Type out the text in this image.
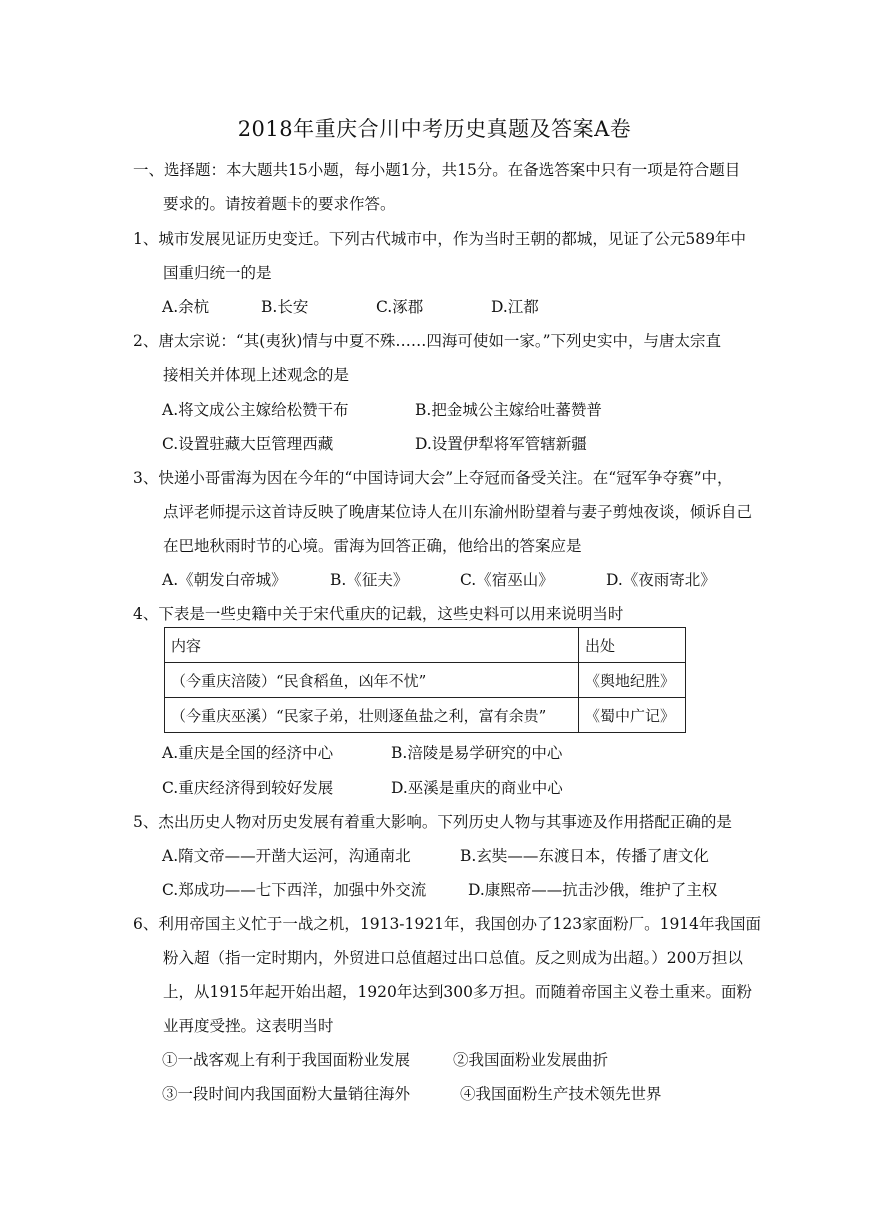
2018年重庆合川中考历史真题及答案A卷
一、选择题：本大题共15小题，每小题1分，共15分。在备选答案中只有一项是符合题目
要求的。请按着题卡的要求作答。
1、城市发展见证历史变迁。下列古代城市中，作为当时王朝的都城，见证了公元589年中
国重归统一的是
A.余杭	B.长安	C.涿郡	D.江都
2、唐太宗说：“其(夷狄)情与中夏不殊……四海可使如一家。”下列史实中，与唐太宗直
接相关并体现上述观念的是
A.将文成公主嫁给松赞干布	B.把金城公主嫁给吐蕃赞普
C.设置驻藏大臣管理西藏	D.设置伊犁将军管辖新疆
3、快递小哥雷海为因在今年的“中国诗词大会”上夺冠而备受关注。在“冠军争夺赛”中，
点评老师提示这首诗反映了晚唐某位诗人在川东渝州盼望着与妻子剪烛夜谈，倾诉自己
在巴地秋雨时节的心境。雷海为回答正确，他给出的答案应是
A.《朝发白帝城》	B.《征夫》	C.《宿巫山》	D.《夜雨寄北》
4、下表是一些史籍中关于宋代重庆的记载，这些史料可以用来说明当时
内容	出处
（今重庆涪陵）“民食稻鱼，凶年不忧”	《舆地纪胜》
（今重庆巫溪）“民家子弟，壮则逐鱼盐之利，富有余贵”	《蜀中广记》
A.重庆是全国的经济中心	B.涪陵是易学研究的中心
C.重庆经济得到较好发展	D.巫溪是重庆的商业中心
5、杰出历史人物对历史发展有着重大影响。下列历史人物与其事迹及作用搭配正确的是
A.隋文帝——开凿大运河，沟通南北	B.玄奘——东渡日本，传播了唐文化
C.郑成功——七下西洋，加强中外交流	D.康熙帝——抗击沙俄，维护了主权
6、利用帝国主义忙于一战之机，1913-1921年，我国创办了123家面粉厂。1914年我国面
粉入超（指一定时期内，外贸进口总值超过出口总值。反之则成为出超。）200万担以
上，从1915年起开始出超，1920年达到300多万担。而随着帝国主义卷土重来。面粉
业再度受挫。这表明当时
①一战客观上有利于我国面粉业发展	②我国面粉业发展曲折
③一段时间内我国面粉大量销往海外	④我国面粉生产技术领先世界
